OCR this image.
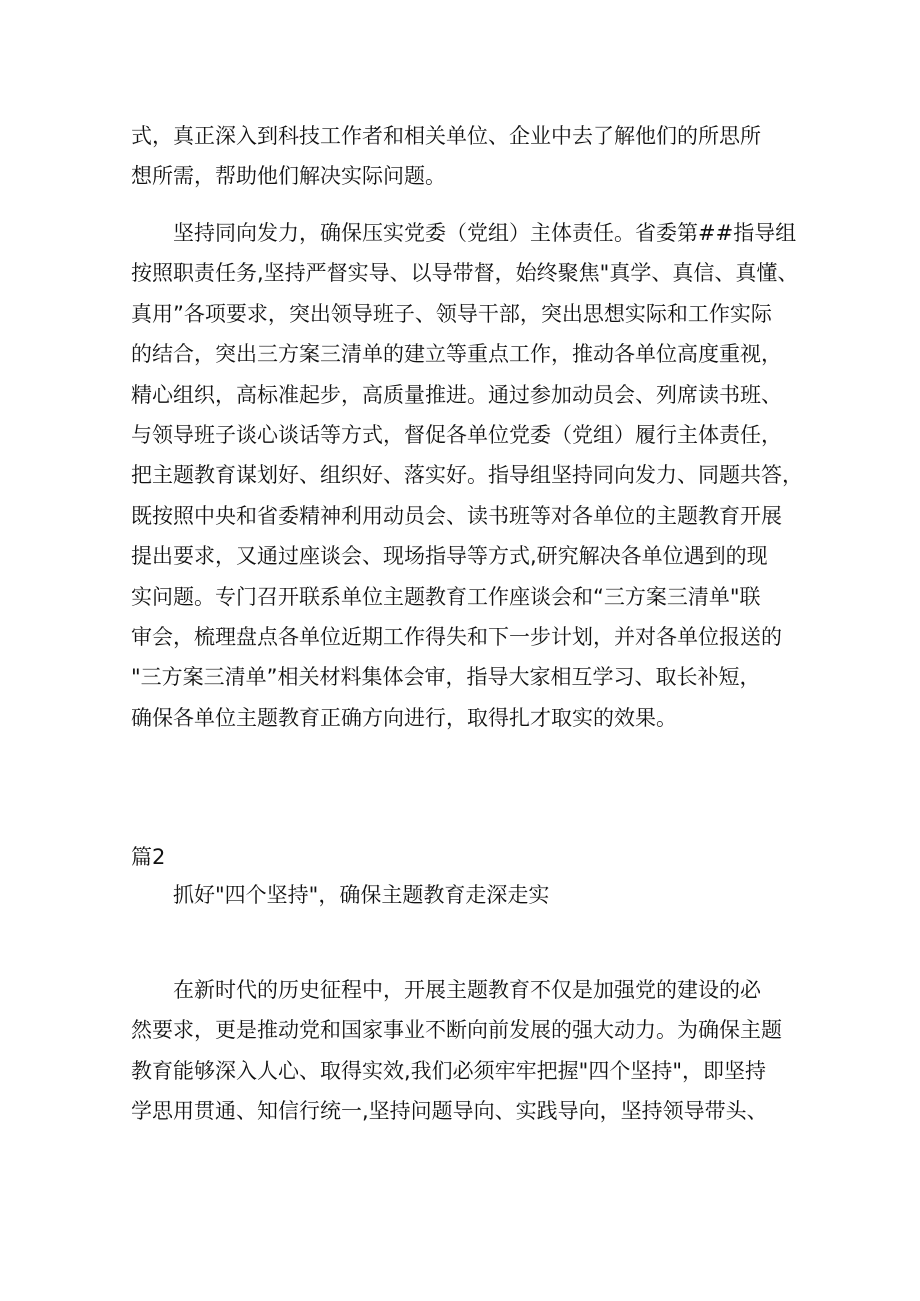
式，真正深入到科技工作者和相关单位、企业中去了解他们的所思所
想所需，帮助他们解决实际问题。
　　坚持同向发力，确保压实党委（党组）主体责任。省委第##指导组
按照职责任务,坚持严督实导、以导带督，始终聚焦"真学、真信、真懂、
真用”各项要求，突出领导班子、领导干部，突出思想实际和工作实际
的结合，突出三方案三清单的建立等重点工作，推动各单位高度重视，
精心组织，高标准起步，高质量推进。通过参加动员会、列席读书班、
与领导班子谈心谈话等方式，督促各单位党委（党组）履行主体责任，
把主题教育谋划好、组织好、落实好。指导组坚持同向发力、同题共答，
既按照中央和省委精神利用动员会、读书班等对各单位的主题教育开展
提出要求，又通过座谈会、现场指导等方式,研究解决各单位遇到的现
实问题。专门召开联系单位主题教育工作座谈会和“三方案三清单"联
审会，梳理盘点各单位近期工作得失和下一步计划，并对各单位报送的
"三方案三清单”相关材料集体会审，指导大家相互学习、取长补短，
确保各单位主题教育正确方向进行，取得扎才取实的效果。
篇2
抓好"四个坚持"，确保主题教育走深走实
　　在新时代的历史征程中，开展主题教育不仅是加强党的建设的必
然要求，更是推动党和国家事业不断向前发展的强大动力。为确保主题
教育能够深入人心、取得实效,我们必须牢牢把握"四个坚持"，即坚持
学思用贯通、知信行统一,坚持问题导向、实践导向，坚持领导带头、
